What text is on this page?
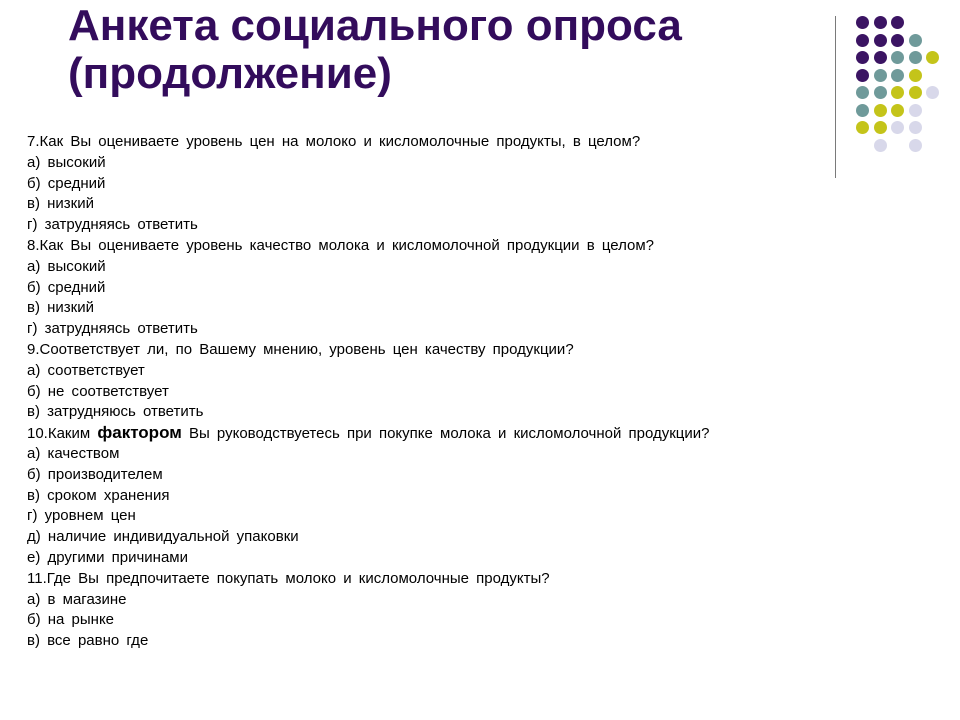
Анкета социального опроса
(продолжение)
7.Как Вы оцениваете уровень цен на молоко и кисломолочные продукты, в целом?
а) высокий
б) средний
в) низкий
г) затрудняясь ответить
8.Как Вы оцениваете уровень качество молока и кисломолочной продукции в целом?
а) высокий
б) средний
в) низкий
г) затрудняясь ответить
9.Соответствует ли, по Вашему мнению, уровень цен качеству продукции?
а) соответствует
б) не соответствует
в) затрудняюсь ответить
10.Каким фактором Вы руководствуетесь при покупке молока и кисломолочной продукции?
а) качеством
б) производителем
в) сроком хранения
г) уровнем цен
д) наличие индивидуальной упаковки
е) другими причинами
11.Где Вы предпочитаете покупать молоко и кисломолочные продукты?
а) в магазине
б) на рынке
в) все равно где
